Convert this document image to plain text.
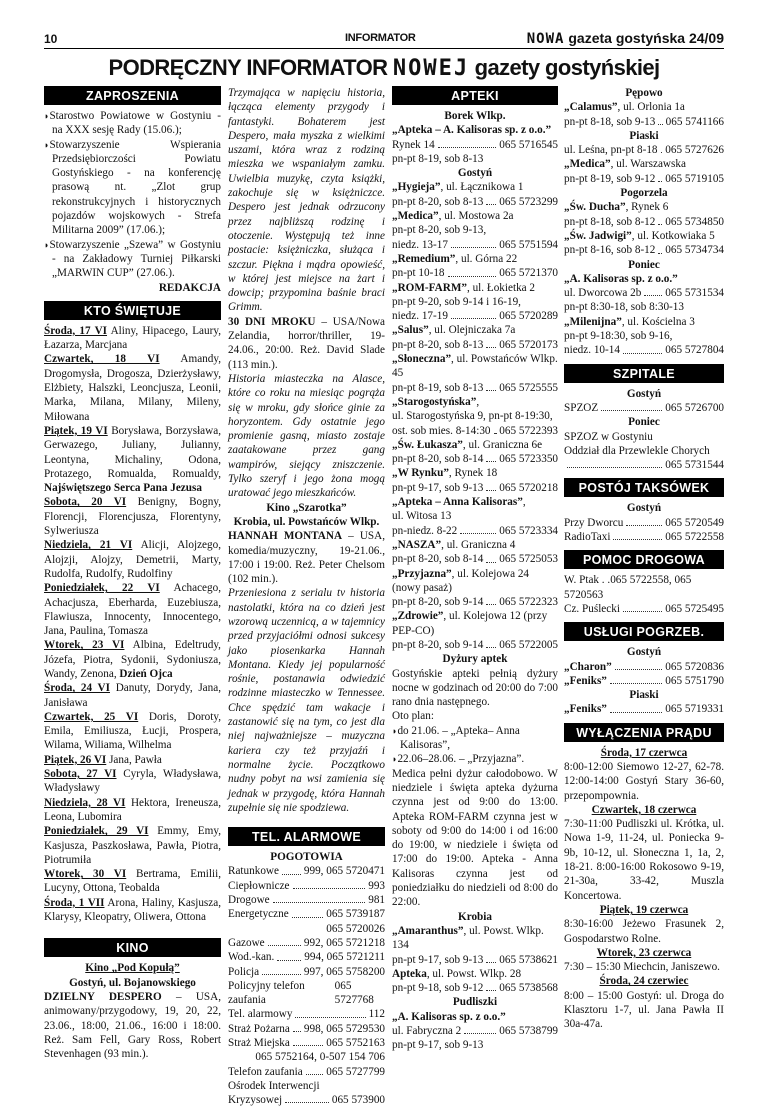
10	INFORMATOR	NOWA gazeta gostyńska 24/09
PODRĘCZNY INFORMATOR NOWEJ gazety gostyńskiej
ZAPROSZENIA

◗ Starostwo Powiatowe w Gostyniu - na XXX sesję Rady (15.06.);

◗ Stowarzyszenie Wspierania Przedsiębiorczości Powiatu Gostyńskiego - na konferencję prasową nt. „Zlot grup rekonstrukcyjnych i historycznych pojazdów wojskowych - Strefa Militarna 2009” (17.06.);

◗ Stowarzyszenie „Szewa” w Gostyniu - na Zakładowy Turniej Piłkarski „MARWIN CUP” (27.06.).

REDAKCJA

KTO ŚWIĘTUJE

Środa, 17 VI Aliny, Hipacego, Laury, Łazarza, Marcjana

Czwartek, 18 VI Amandy, Drogomysła, Drogosza, Dzierżysławy, Elżbiety, Halszki, Leoncjusza, Leonii, Marka, Milana, Milany, Mileny, Miłowana

Piątek, 19 VI Borysława, Borzysława, Gerwazego, Juliany, Julianny, Leontyna, Michaliny, Odona, Protazego, Romualda, Romualdy, Najświętszego Serca Pana Jezusa

Sobota, 20 VI Benigny, Bogny, Florencji, Florencjusza, Florentyny, Sylweriusza

Niedziela, 21 VI Alicji, Alojzego, Alojzji, Alojzy, Demetrii, Marty, Rudolfa, Rudolfy, Rudolfiny

Poniedziałek, 22 VI Achacego, Achacjusza, Eberharda, Euzebiusza, Flawiusza, Innocenty, Innocentego, Jana, Paulina, Tomasza

Wtorek, 23 VI Albina, Edeltrudy, Józefa, Piotra, Sydonii, Sydoniusza, Wandy, Zenona, Dzień Ojca

Środa, 24 VI Danuty, Dorydy, Jana, Janisława

Czwartek, 25 VI Doris, Doroty, Emila, Emiliusza, Łucji, Prospera, Wilama, Wiliama, Wilhelma

Piątek, 26 VI Jana, Pawła

Sobota, 27 VI Cyryla, Władysława, Władysławy

Niedziela, 28 VI Hektora, Ireneusza, Leona, Lubomira

Poniedziałek, 29 VI Emmy, Emy, Kasjusza, Paszkosława, Pawła, Piotra, Piotrumiła

Wtorek, 30 VI Bertrama, Emilii, Lucyny, Ottona, Teobalda

Środa, 1 VII Arona, Haliny, Kasjusza, Klarysy, Kleopatry, Oliwera, Ottona

KINO

Kino „Pod Kopułą”

Gostyń, ul. Bojanowskiego

DZIELNY DESPERO – USA, animowany/przygodowy, 19, 20, 22, 23.06., 18:00, 21.06., 16:00 i 18:00. Reż. Sam Fell, Gary Ross, Robert Stevenhagen (93 min.).

Trzymająca w napięciu historia, łącząca elementy przygody i fantastyki. Bohaterem jest Despero, mała myszka z wielkimi uszami, która wraz z rodziną mieszka we wspaniałym zamku. Uwielbia muzykę, czyta książki, zakochuje się w księżniczce. Despero jest jednak odrzucony przez najbliższą rodzinę i otoczenie. Występują też inne postacie: księżniczka, służąca i szczur. Piękna i mądra opowieść, w której jest miejsce na żart i dowcip; przypomina baśnie braci Grimm.

30 DNI MROKU – USA/Nowa Zelandia, horror/thriller, 19-24.06., 20:00. Reż. David Slade (113 min.).

Historia miasteczka na Alasce, które co roku na miesiąc pogrąża się w mroku, gdy słońce ginie za horyzontem. Gdy ostatnie jego promienie gasną, miasto zostaje zaatakowane przez gang wampirów, siejący zniszczenie. Tylko szeryf i jego żona mogą uratować jego mieszkańców.

Kino „Szarotka”

Krobia, ul. Powstańców Wlkp.

HANNAH MONTANA – USA, komedia/muzyczny, 19-21.06., 17:00 i 19:00. Reż. Peter Chelsom (102 min.).

Przeniesiona z serialu tv historia nastolatki, która na co dzień jest wzorową uczennicą, a w tajemnicy przed przyjaciółmi odnosi sukcesy jako piosenkarka Hannah Montana. Kiedy jej popularność rośnie, postanawia odwiedzić rodzinne miasteczko w Tennessee. Chce spędzić tam wakacje i zastanowić się na tym, co jest dla niej najważniejsze – muzyczna kariera czy też przyjaźń i normalne życie. Początkowo nudny pobyt na wsi zamienia się jednak w przygodę, która Hannah zupełnie się nie spodziewa.

TEL. ALARMOWE

POGOTOWIA

Ratunkowe 999, 065 5720471
Ciepłownicze	993
Drogowe	981
Energetyczne	065 5739187

065 5720026

Gazowe	992, 065 5721218
Wod.-kan.	994, 065 5721211
Policja	997, 065 5758200
Policyjny telefon zaufania
065 5727768
Tel. alarmowy	112
Straż Pożarna 998, 065 5729530
Straż Miejska	065 5752163

065 5752164, 0-507 154 706

Telefon zaufania 065 5727799

Ośrodek Interwencji

Kryzysowej	065 573900
APTEKI

Borek Wlkp.

„Apteka – A. Kalisoras sp. z o.o.”

Rynek 14	065 5716545

pn-pt 8-19, sob 8-13

Gostyń

„Hygieja”, ul. Łącznikowa 1

pn-pt 8-20, sob 8-13 065 5723299

„Medica”, ul. Mostowa 2a

pn-pt 8-20, sob 9-13,

niedz. 13-17	065 5751594

„Remedium”, ul. Górna 22

pn-pt 10-18	065 5721370

„ROM-FARM”, ul. Łokietka 2

pn-pt 9-20, sob 9-14 i 16-19,

niedz. 17-19	065 5720289

„Salus”, ul. Olejniczaka 7a

pn-pt 8-20, sob 8-13 065 5720173

„Słoneczna”, ul. Powstańców Wlkp. 45

pn-pt 8-19, sob 8-13 065 5725555

„Starogostyńska”,

ul. Starogostyńska 9, pn-pt 8-19:30,

ost. sob mies. 8-14:30 065 5722393

„Św. Łukasza”, ul. Graniczna 6e

pn-pt 8-20, sob 8-14 065 5723350

„W Rynku”, Rynek 18

pn-pt 9-17, sob 9-13 065 5720218

„Apteka – Anna Kalisoras”,

ul. Witosa 13

pn-niedz. 8-22	065 5723334

„NASZA”, ul. Graniczna 4

pn-pt 8-20, sob 8-14 065 5725053

„Przyjazna”, ul. Kolejowa 24 (nowy pasaż)

pn-pt 8-20, sob 9-14 065 5722323

„Zdrowie”, ul. Kolejowa 12 (przy PEP-CO)

pn-pt 8-20, sob 9-14 065 5722005

Dyżury aptek

Gostyńskie apteki pełnią dyżury nocne w godzinach od 20:00 do 7:00 rano dnia następnego.

Oto plan:

◗ do 21.06. – „Apteka– Anna Kalisoras”,

◗ 22.06–28.06. – „Przyjazna”.

Medica pełni dyżur całodobowo. W niedziele i święta apteka dyżurna czynna jest od 9:00 do 13:00. Apteka ROM-FARM czynna jest w soboty od 9:00 do 14:00 i od 16:00 do 19:00, w niedziele i święta od 17:00 do 19:00. Apteka - Anna Kalisoras czynna jest od poniedziałku do niedzieli od 8:00 do 22:00.

Krobia

„Amaranthus”, ul. Powst. Wlkp. 134

pn-pt 9-17, sob 9-13 065 5738621

Apteka, ul. Powst. Wlkp. 28

pn-pt 9-18, sob 9-12 065 5738568

Pudliszki

„A. Kalisoras sp. z o.o.”

ul. Fabryczna 2	065 5738799

pn-pt 9-17, sob 9-13

Pępowo

„Calamus”, ul. Orlonia 1a

pn-pt 8-18, sob 9-13 065 5741166

Piaski

ul. Leśna, pn-pt 8-18 065 5727626

„Medica”, ul. Warszawska

pn-pt 8-19, sob 9-12 065 5719105

Pogorzela

„Św. Ducha”, Rynek 6

pn-pt 8-18, sob 8-12 065 5734850

„Św. Jadwigi”, ul. Kotkowiaka 5

pn-pt 8-16, sob 8-12 065 5734734

Poniec

„A. Kalisoras sp. z o.o.”

ul. Dworcowa 2b 065 5731534

pn-pt 8:30-18, sob 8:30-13

„Milenijna”, ul. Kościelna 3

pn-pt 9-18:30, sob 9-16,

niedz. 10-14	065 5727804
SZPITALE

Gostyń

SPZOZ	065 5726700

Poniec

SPZOZ w Gostyniu

Oddział dla Przewlekle Chorych

065 5731544
POSTÓJ TAKSÓWEK

Gostyń

Przy Dworcu	065 5720549
RadioTaxi	065 5722558
POMOC DROGOWA

W. Ptak . .065 5722558, 065 5720563

Cz. Puślecki	065 5725495
USŁUGI POGRZEB.

Gostyń

„Charon”	065 5720836
„Feniks”	065 5751790

Piaski

„Feniks”	065 5719331
WYŁĄCZENIA PRĄDU

Środa, 17 czerwca

8:00-12:00 Siemowo 12-27, 62-78. 12:00-14:00 Gostyń Stary 36-60, przepompownia.

Czwartek, 18 czerwca

7:30-11:00 Pudliszki ul. Krótka, ul. Nowa 1-9, 11-24, ul. Poniecka 9-9b, 10-12, ul. Słoneczna 1, 1a, 2, 18-21. 8:00-16:00 Rokosowo 9-19, 21-30a, 33-42, Muszla Koncertowa.

Piątek, 19 czerwca

8:30-16:00 Jeżewo Frasunek 2, Gospodarstwo Rolne.

Wtorek, 23 czerwca

7:30 – 15:30 Miechcin, Janiszewo.

Środa, 24 czerwiec

8:00 – 15:00 Gostyń: ul. Droga do Klasztoru 1-7, ul. Jana Pawła II 30a-47a.
